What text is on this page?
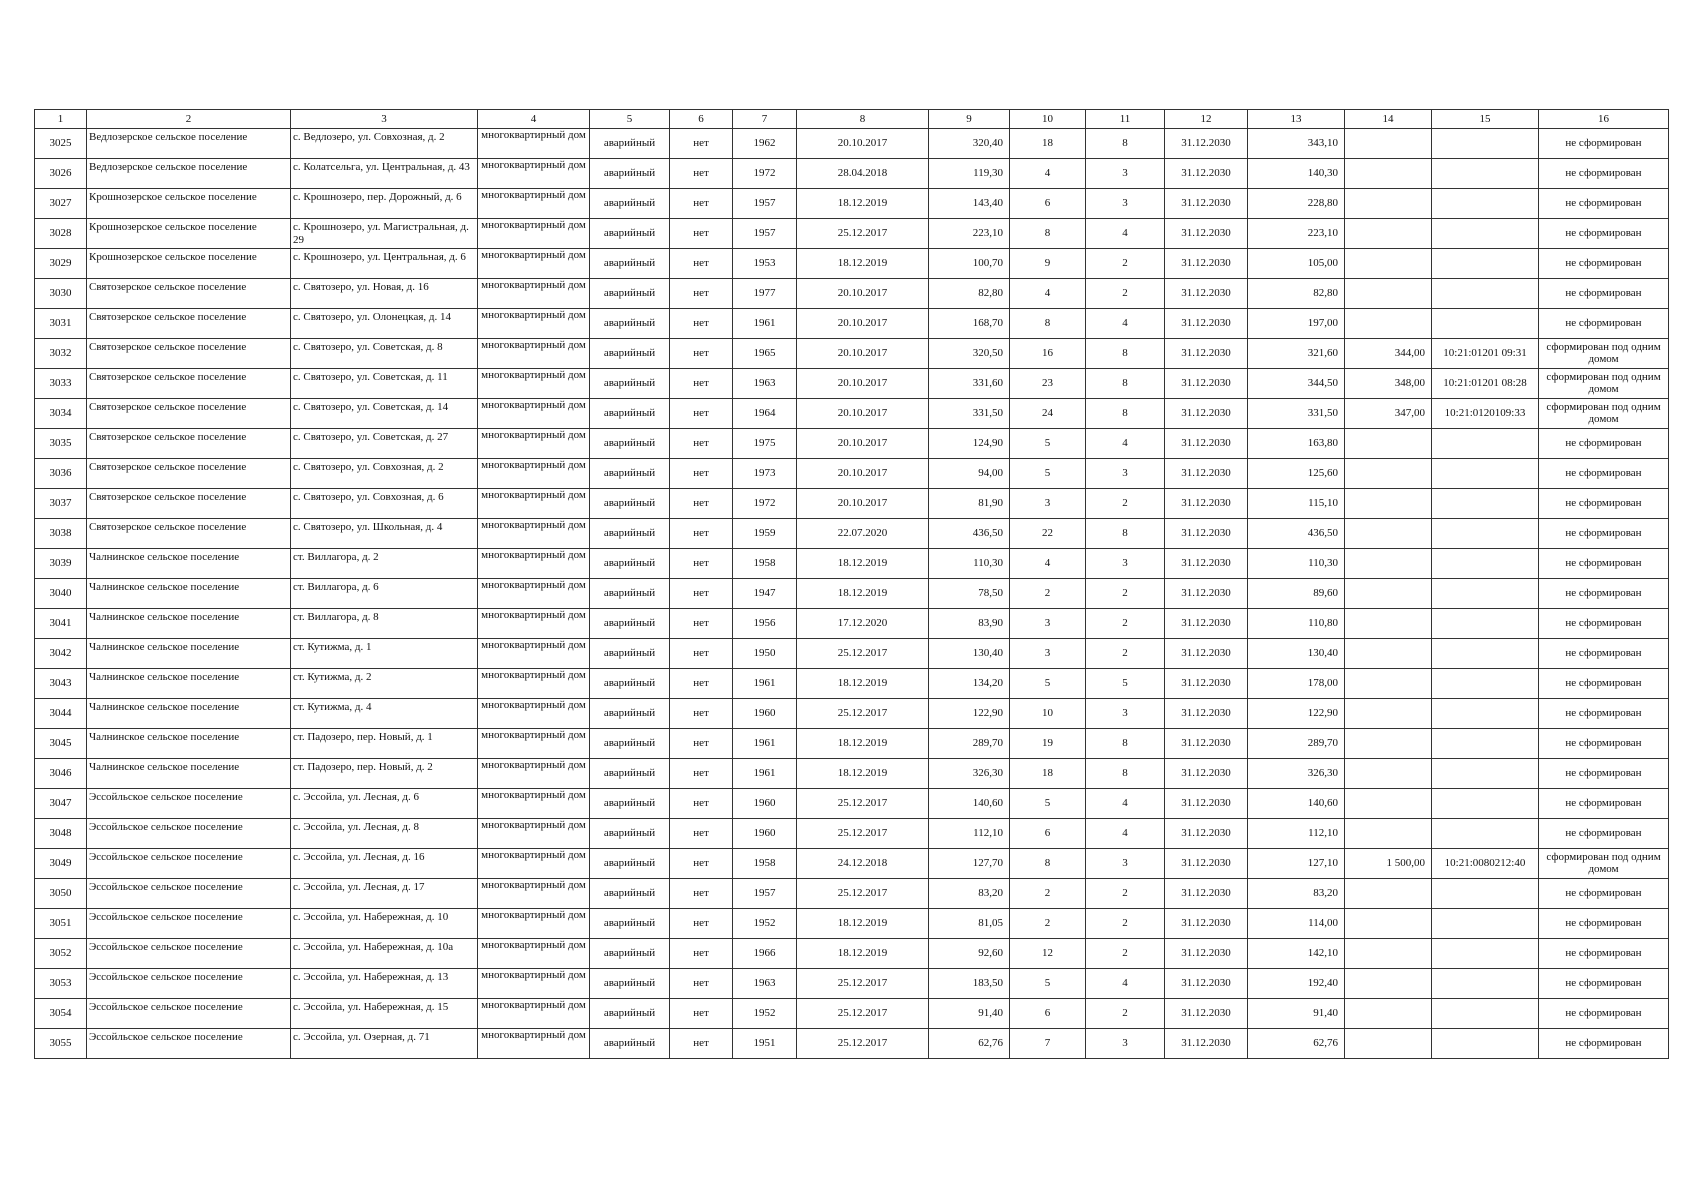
1	2	3	4	5	6	7	8	9	10	11	12	13	14	15	16
3025	Ведлозерское сельское поселение	с. Ведлозеро, ул. Совхозная, д. 2	многоквартирный дом	аварийный	нет	1962	20.10.2017	320,40	18	8	31.12.2030	343,10			не сформирован
3026	Ведлозерское сельское поселение	с. Колатсельга, ул. Центральная, д. 43	многоквартирный дом	аварийный	нет	1972	28.04.2018	119,30	4	3	31.12.2030	140,30			не сформирован
3027	Крошнозерское сельское поселение	с. Крошнозеро, пер. Дорожный, д. 6	многоквартирный дом	аварийный	нет	1957	18.12.2019	143,40	6	3	31.12.2030	228,80			не сформирован
3028	Крошнозерское сельское поселение	с. Крошнозеро, ул. Магистральная, д. 29	многоквартирный дом	аварийный	нет	1957	25.12.2017	223,10	8	4	31.12.2030	223,10			не сформирован
3029	Крошнозерское сельское поселение	с. Крошнозеро, ул. Центральная, д. 6	многоквартирный дом	аварийный	нет	1953	18.12.2019	100,70	9	2	31.12.2030	105,00			не сформирован
3030	Святозерское сельское поселение	с. Святозеро, ул. Новая, д. 16	многоквартирный дом	аварийный	нет	1977	20.10.2017	82,80	4	2	31.12.2030	82,80			не сформирован
3031	Святозерское сельское поселение	с. Святозеро, ул. Олонецкая, д. 14	многоквартирный дом	аварийный	нет	1961	20.10.2017	168,70	8	4	31.12.2030	197,00			не сформирован
3032	Святозерское сельское поселение	с. Святозеро, ул. Советская, д. 8	многоквартирный дом	аварийный	нет	1965	20.10.2017	320,50	16	8	31.12.2030	321,60	344,00	10:21:01201 09:31	сформирован под одним домом
3033	Святозерское сельское поселение	с. Святозеро, ул. Советская, д. 11	многоквартирный дом	аварийный	нет	1963	20.10.2017	331,60	23	8	31.12.2030	344,50	348,00	10:21:01201 08:28	сформирован под одним домом
3034	Святозерское сельское поселение	с. Святозеро, ул. Советская, д. 14	многоквартирный дом	аварийный	нет	1964	20.10.2017	331,50	24	8	31.12.2030	331,50	347,00	10:21:0120109:33	сформирован под одним домом
3035	Святозерское сельское поселение	с. Святозеро, ул. Советская, д. 27	многоквартирный дом	аварийный	нет	1975	20.10.2017	124,90	5	4	31.12.2030	163,80			не сформирован
3036	Святозерское сельское поселение	с. Святозеро, ул. Совхозная, д. 2	многоквартирный дом	аварийный	нет	1973	20.10.2017	94,00	5	3	31.12.2030	125,60			не сформирован
3037	Святозерское сельское поселение	с. Святозеро, ул. Совхозная, д. 6	многоквартирный дом	аварийный	нет	1972	20.10.2017	81,90	3	2	31.12.2030	115,10			не сформирован
3038	Святозерское сельское поселение	с. Святозеро, ул. Школьная, д. 4	многоквартирный дом	аварийный	нет	1959	22.07.2020	436,50	22	8	31.12.2030	436,50			не сформирован
3039	Чалнинское сельское поселение	ст. Виллагора, д. 2	многоквартирный дом	аварийный	нет	1958	18.12.2019	110,30	4	3	31.12.2030	110,30			не сформирован
3040	Чалнинское сельское поселение	ст. Виллагора, д. 6	многоквартирный дом	аварийный	нет	1947	18.12.2019	78,50	2	2	31.12.2030	89,60			не сформирован
3041	Чалнинское сельское поселение	ст. Виллагора, д. 8	многоквартирный дом	аварийный	нет	1956	17.12.2020	83,90	3	2	31.12.2030	110,80			не сформирован
3042	Чалнинское сельское поселение	ст. Кутижма, д. 1	многоквартирный дом	аварийный	нет	1950	25.12.2017	130,40	3	2	31.12.2030	130,40			не сформирован
3043	Чалнинское сельское поселение	ст. Кутижма, д. 2	многоквартирный дом	аварийный	нет	1961	18.12.2019	134,20	5	5	31.12.2030	178,00			не сформирован
3044	Чалнинское сельское поселение	ст. Кутижма, д. 4	многоквартирный дом	аварийный	нет	1960	25.12.2017	122,90	10	3	31.12.2030	122,90			не сформирован
3045	Чалнинское сельское поселение	ст. Падозеро, пер. Новый, д. 1	многоквартирный дом	аварийный	нет	1961	18.12.2019	289,70	19	8	31.12.2030	289,70			не сформирован
3046	Чалнинское сельское поселение	ст. Падозеро, пер. Новый, д. 2	многоквартирный дом	аварийный	нет	1961	18.12.2019	326,30	18	8	31.12.2030	326,30			не сформирован
3047	Эссойльское сельское поселение	с. Эссойла, ул. Лесная, д. 6	многоквартирный дом	аварийный	нет	1960	25.12.2017	140,60	5	4	31.12.2030	140,60			не сформирован
3048	Эссойльское сельское поселение	с. Эссойла, ул. Лесная, д. 8	многоквартирный дом	аварийный	нет	1960	25.12.2017	112,10	6	4	31.12.2030	112,10			не сформирован
3049	Эссойльское сельское поселение	с. Эссойла, ул. Лесная, д. 16	многоквартирный дом	аварийный	нет	1958	24.12.2018	127,70	8	3	31.12.2030	127,10	1 500,00	10:21:0080212:40	сформирован под одним домом
3050	Эссойльское сельское поселение	с. Эссойла, ул. Лесная, д. 17	многоквартирный дом	аварийный	нет	1957	25.12.2017	83,20	2	2	31.12.2030	83,20			не сформирован
3051	Эссойльское сельское поселение	с. Эссойла, ул. Набережная, д. 10	многоквартирный дом	аварийный	нет	1952	18.12.2019	81,05	2	2	31.12.2030	114,00			не сформирован
3052	Эссойльское сельское поселение	с. Эссойла, ул. Набережная, д. 10а	многоквартирный дом	аварийный	нет	1966	18.12.2019	92,60	12	2	31.12.2030	142,10			не сформирован
3053	Эссойльское сельское поселение	с. Эссойла, ул. Набережная, д. 13	многоквартирный дом	аварийный	нет	1963	25.12.2017	183,50	5	4	31.12.2030	192,40			не сформирован
3054	Эссойльское сельское поселение	с. Эссойла, ул. Набережная, д. 15	многоквартирный дом	аварийный	нет	1952	25.12.2017	91,40	6	2	31.12.2030	91,40			не сформирован
3055	Эссойльское сельское поселение	с. Эссойла, ул. Озерная, д. 71	многоквартирный дом	аварийный	нет	1951	25.12.2017	62,76	7	3	31.12.2030	62,76			не сформирован
